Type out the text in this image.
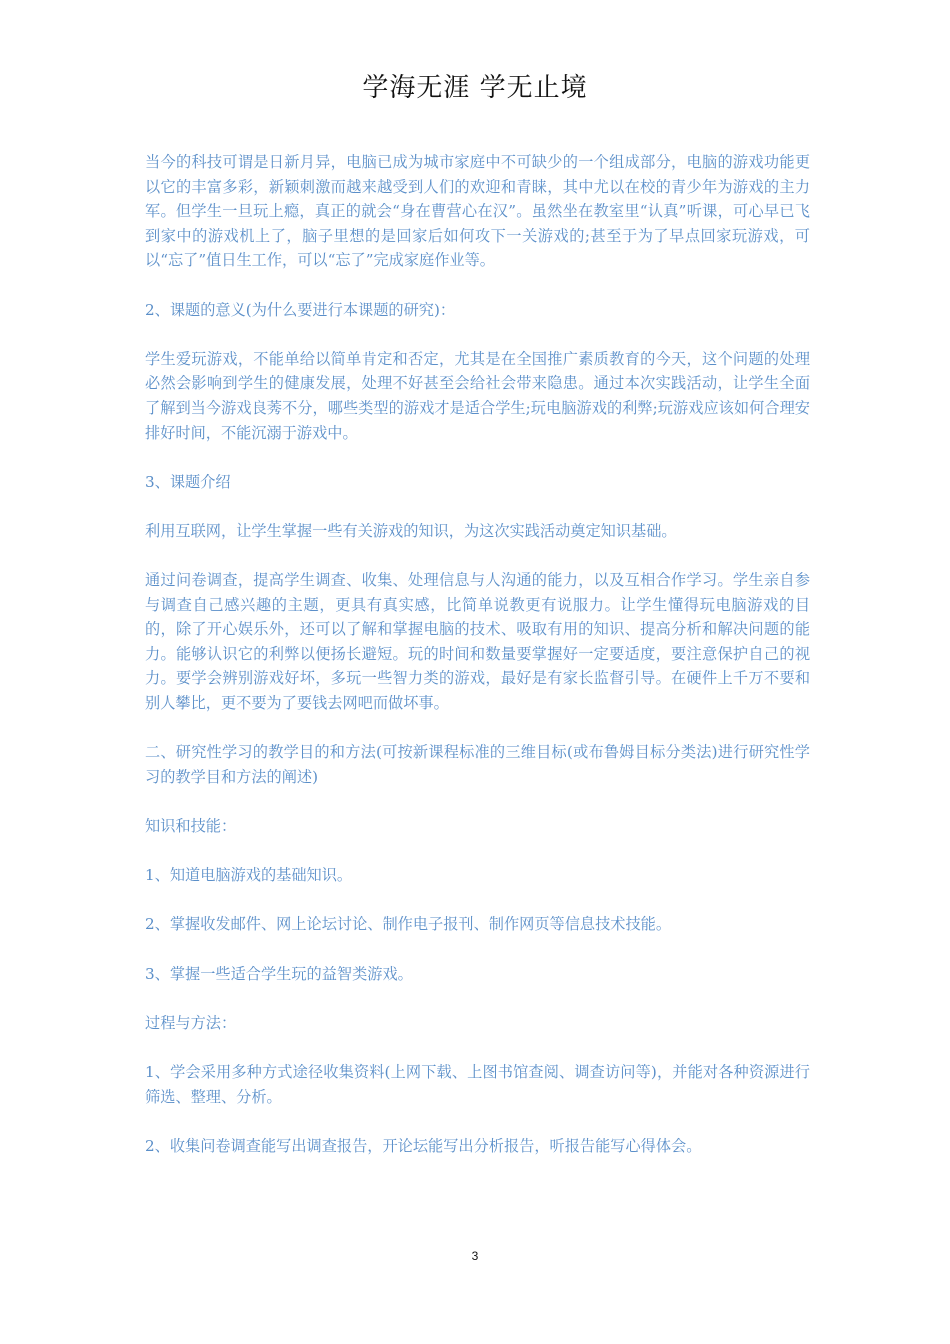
学海无涯 学无止境

当今的科技可谓是日新月异，电脑已成为城市家庭中不可缺少的一个组成部分，电脑的游戏功能更以它的丰富多彩，新颖刺激而越来越受到人们的欢迎和青睐，其中尤以在校的青少年为游戏的主力军。但学生一旦玩上瘾，真正的就会“身在曹营心在汉”。虽然坐在教室里“认真”听课，可心早已飞到家中的游戏机上了，脑子里想的是回家后如何攻下一关游戏的;甚至于为了早点回家玩游戏，可以“忘了”值日生工作，可以“忘了”完成家庭作业等。

2、课题的意义(为什么要进行本课题的研究)：

学生爱玩游戏，不能单给以简单肯定和否定，尤其是在全国推广素质教育的今天，这个问题的处理必然会影响到学生的健康发展，处理不好甚至会给社会带来隐患。通过本次实践活动，让学生全面了解到当今游戏良莠不分，哪些类型的游戏才是适合学生;玩电脑游戏的利弊;玩游戏应该如何合理安排好时间，不能沉溺于游戏中。

3、课题介绍

利用互联网，让学生掌握一些有关游戏的知识，为这次实践活动奠定知识基础。

通过问卷调查，提高学生调查、收集、处理信息与人沟通的能力，以及互相合作学习。学生亲自参与调查自己感兴趣的主题，更具有真实感，比简单说教更有说服力。让学生懂得玩电脑游戏的目的，除了开心娱乐外，还可以了解和掌握电脑的技术、吸取有用的知识、提高分析和解决问题的能力。能够认识它的利弊以便扬长避短。玩的时间和数量要掌握好一定要适度，要注意保护自己的视力。要学会辨别游戏好坏，多玩一些智力类的游戏，最好是有家长监督引导。在硬件上千万不要和别人攀比，更不要为了要钱去网吧而做坏事。

二、研究性学习的教学目的和方法(可按新课程标准的三维目标(或布鲁姆目标分类法)进行研究性学习的教学目和方法的阐述)

知识和技能：

1、知道电脑游戏的基础知识。

2、掌握收发邮件、网上论坛讨论、制作电子报刊、制作网页等信息技术技能。

3、掌握一些适合学生玩的益智类游戏。

过程与方法：

1、学会采用多种方式途径收集资料(上网下载、上图书馆查阅、调查访问等)，并能对各种资源进行筛选、整理、分析。

2、收集问卷调查能写出调查报告，开论坛能写出分析报告，听报告能写心得体会。

3
